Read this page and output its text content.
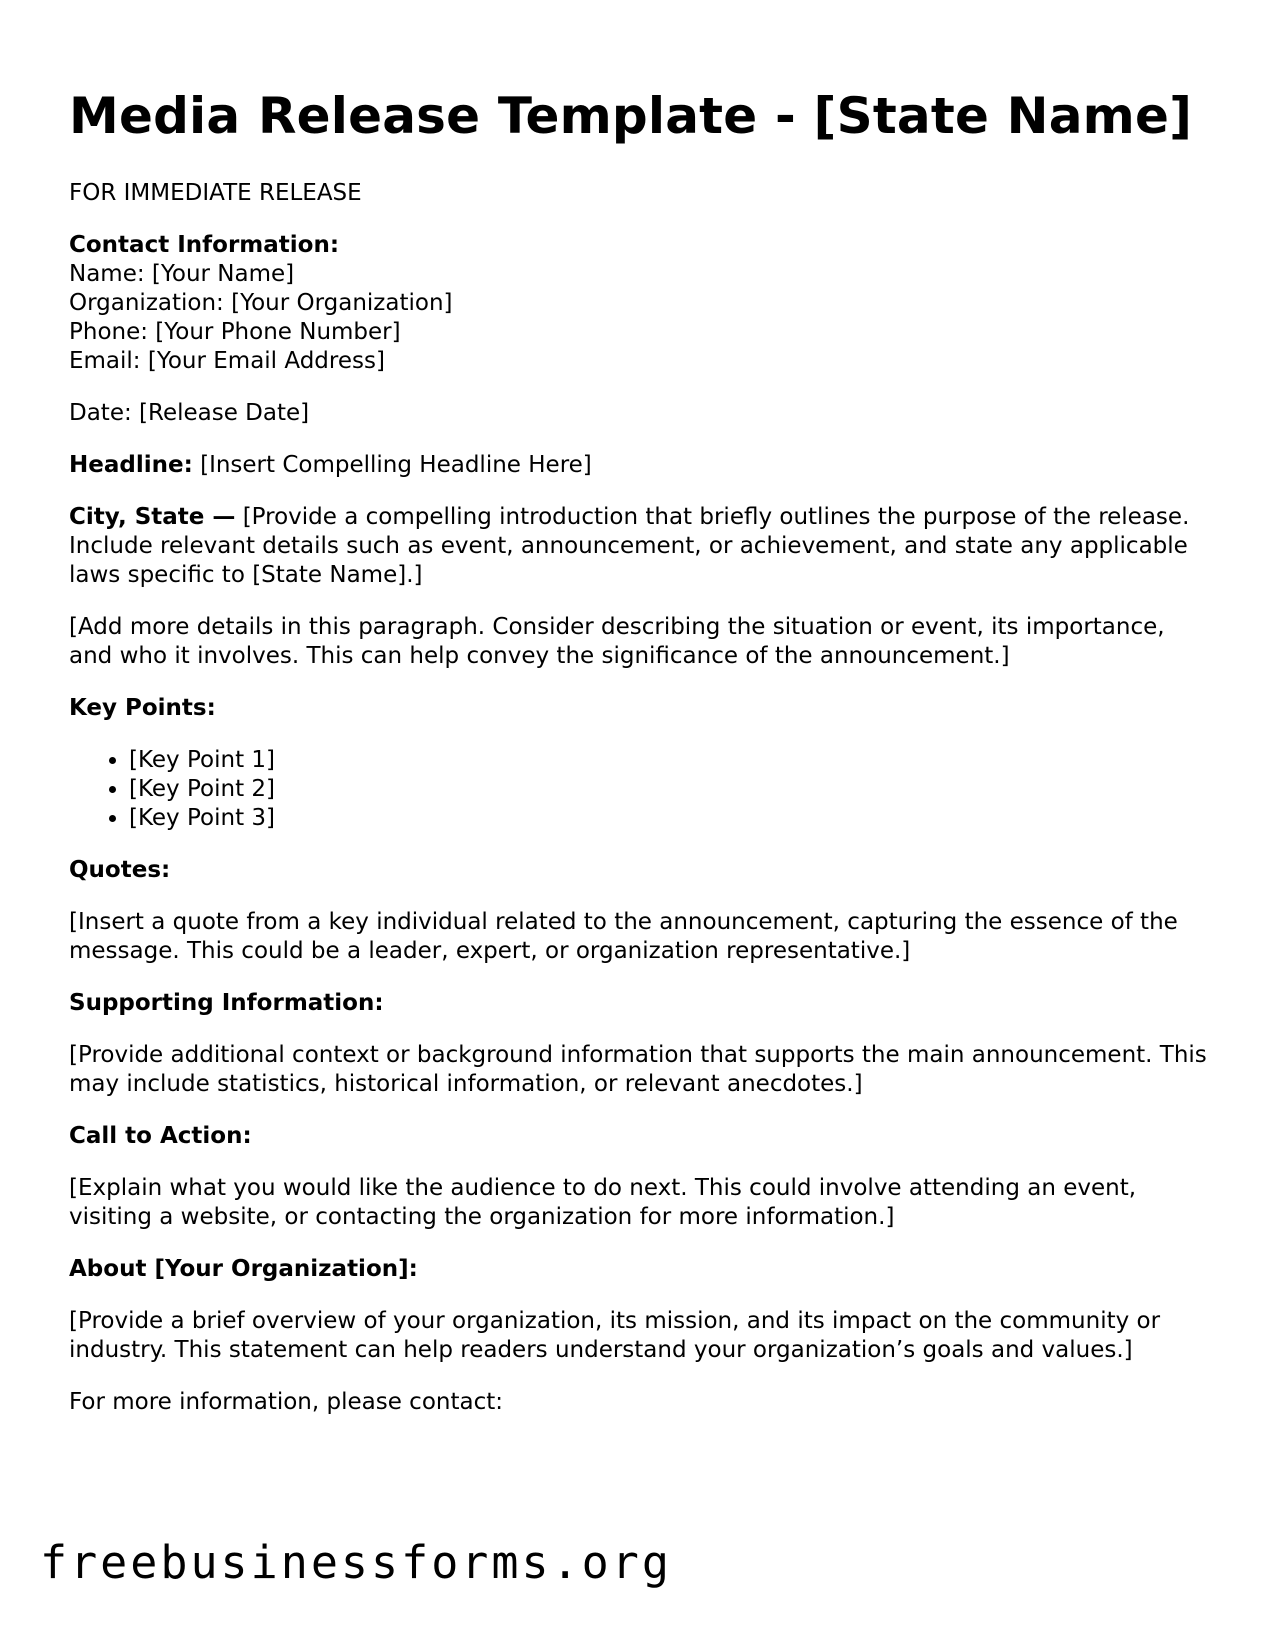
Media Release Template - [State Name]

FOR IMMEDIATE RELEASE

Contact Information:

Name: [Your Name]

Organization: [Your Organization]

Phone: [Your Phone Number]

Email: [Your Email Address]

Date: [Release Date]

Headline: [Insert Compelling Headline Here]

City, State — [Provide a compelling introduction that briefly outlines the purpose of the release. Include relevant details such as event, announcement, or achievement, and state any applicable laws specific to [State Name].]

[Add more details in this paragraph. Consider describing the situation or event, its importance, and who it involves. This can help convey the significance of the announcement.]

Key Points:
• [Key Point 1]
• [Key Point 2]
• [Key Point 3]
Quotes:

[Insert a quote from a key individual related to the announcement, capturing the essence of the message. This could be a leader, expert, or organization representative.]

Supporting Information:

[Provide additional context or background information that supports the main announcement. This may include statistics, historical information, or relevant anecdotes.]

Call to Action:

[Explain what you would like the audience to do next. This could involve attending an event, visiting a website, or contacting the organization for more information.]

About [Your Organization]:

[Provide a brief overview of your organization, its mission, and its impact on the community or industry. This statement can help readers understand your organization’s goals and values.]

For more information, please contact:

freebusinessforms.org
